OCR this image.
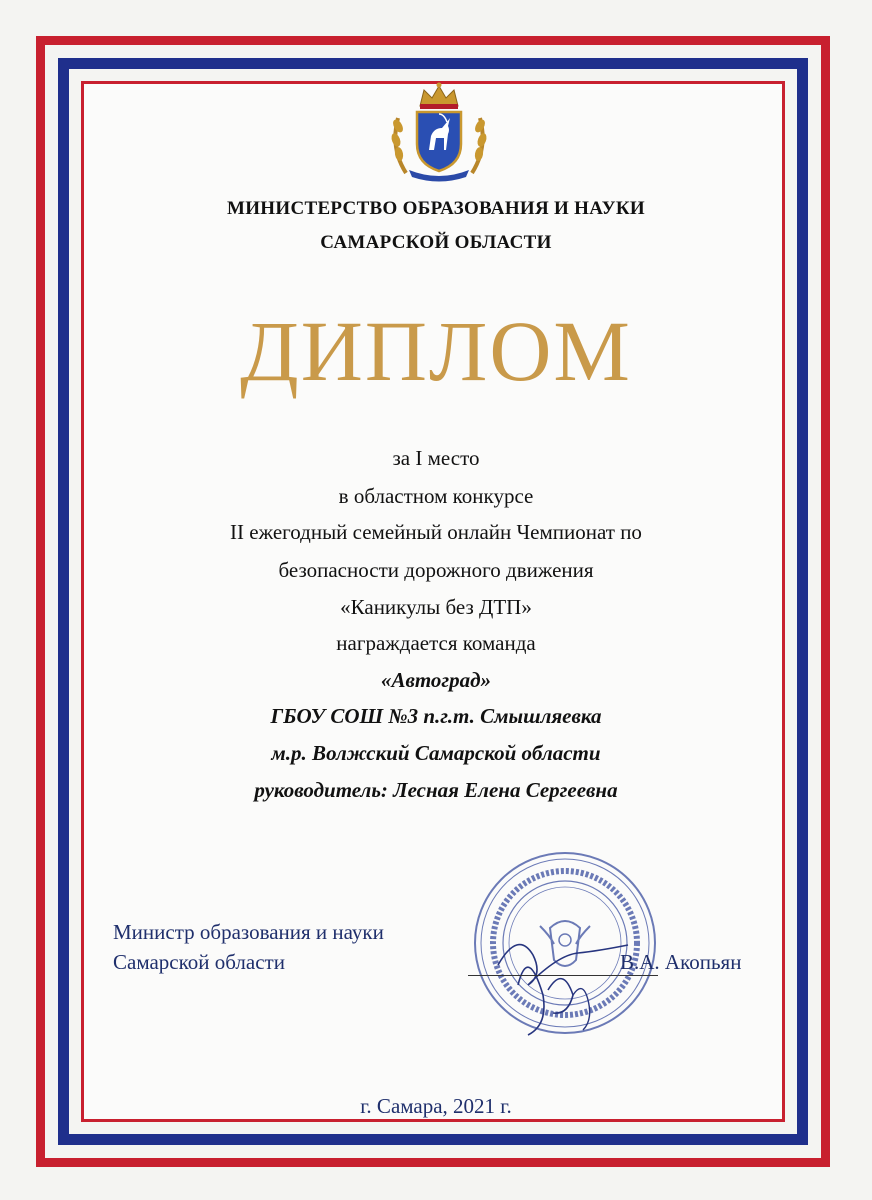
МИНИСТЕРСТВО ОБРАЗОВАНИЯ И НАУКИ
САМАРСКОЙ ОБЛАСТИ
ДИПЛОМ
за I место
в областном конкурсе
II ежегодный семейный онлайн Чемпионат по
безопасности дорожного движения
«Каникулы без ДТП»
награждается команда
«Автоград»
ГБОУ СОШ №3 п.г.т. Смышляевка
м.р. Волжский Самарской области
руководитель: Лесная Елена Сергеевна
Министр образования и науки
Самарской области	В.А. Акопьян
г. Самара, 2021 г.
